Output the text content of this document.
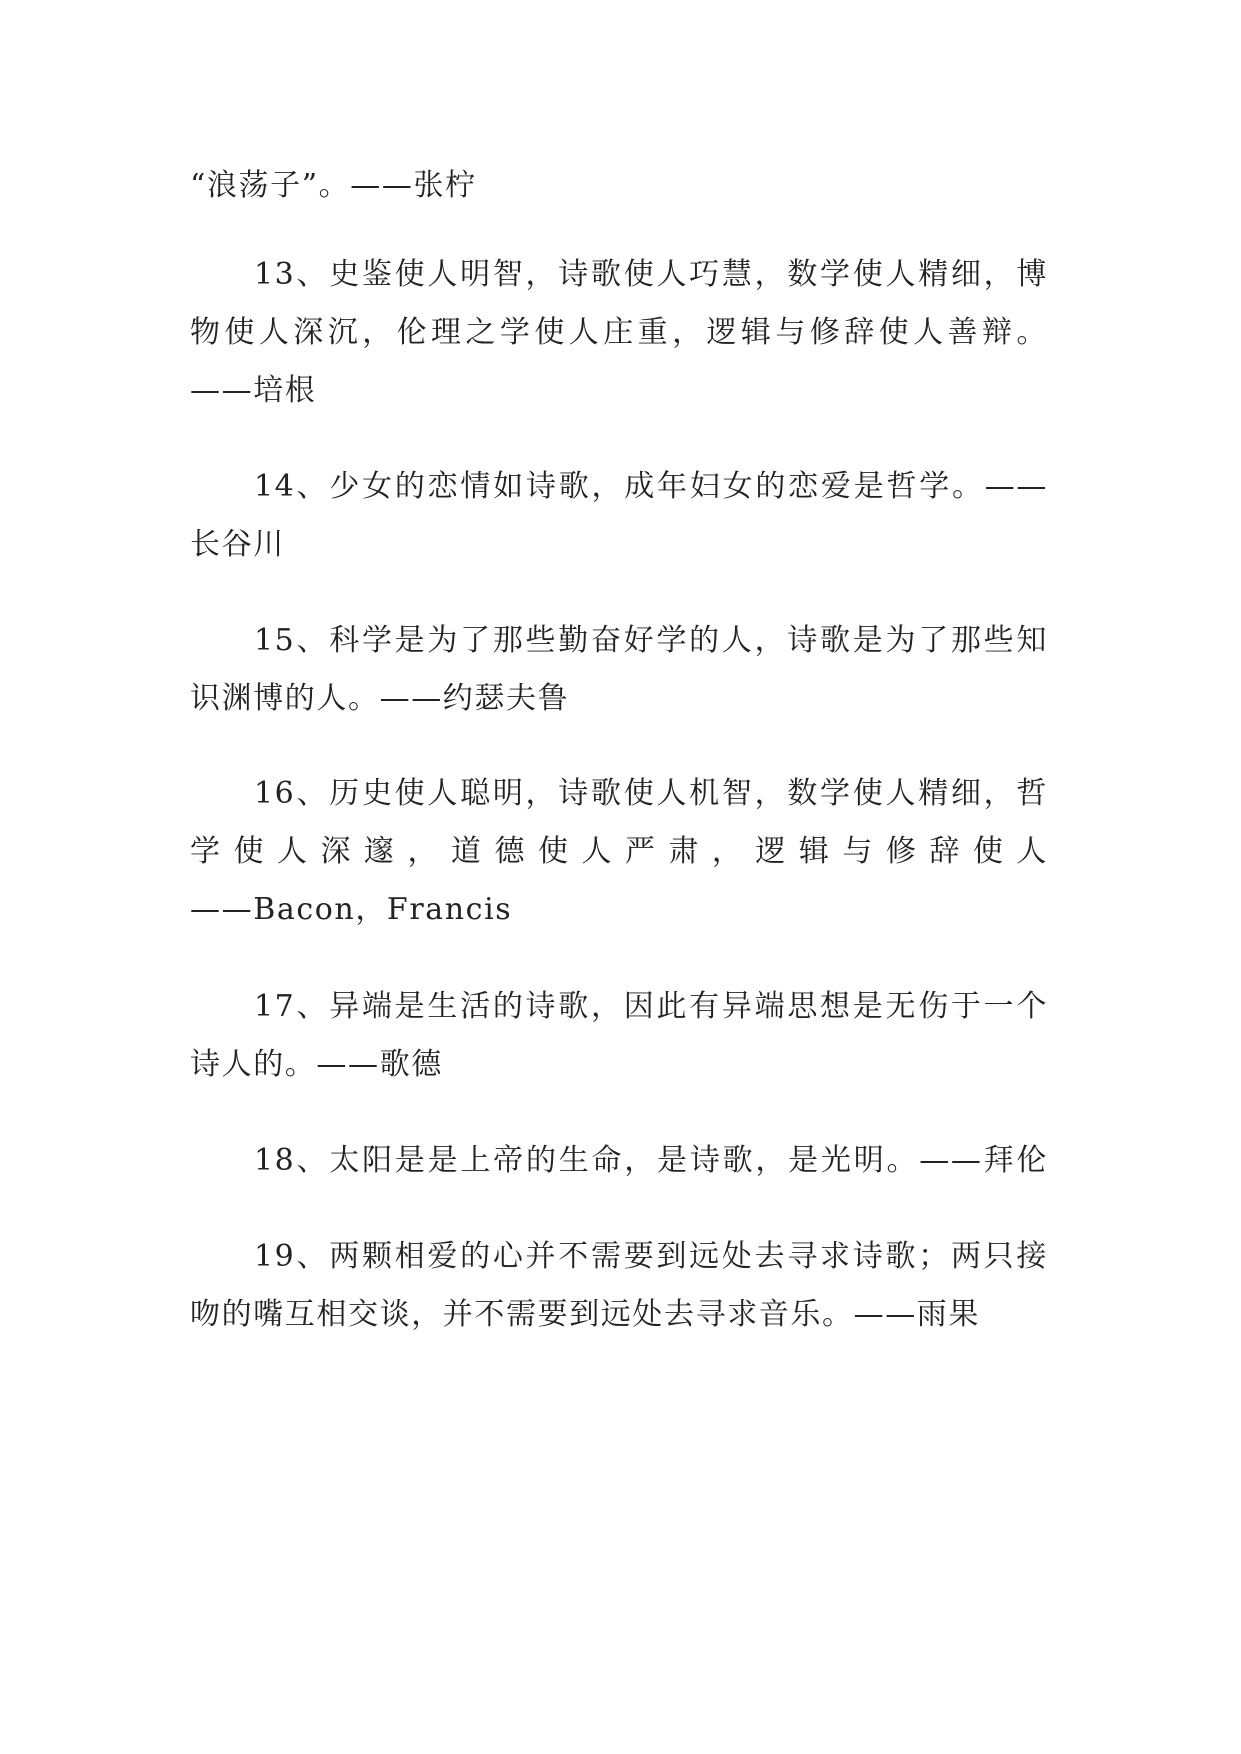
“浪荡子”。——张柠

13、史鉴使人明智，诗歌使人巧慧，数学使人精细，博
物使人深沉，伦理之学使人庄重，逻辑与修辞使人善辩。
——培根

14、少女的恋情如诗歌，成年妇女的恋爱是哲学。——
长谷川

15、科学是为了那些勤奋好学的人，诗歌是为了那些知
识渊博的人。——约瑟夫鲁

16、历史使人聪明，诗歌使人机智，数学使人精细，哲
学 使 人 深 邃 ， 道 德 使 人 严 肃 ， 逻 辑 与 修 辞 使 人
——Bacon，Francis

17、异端是生活的诗歌，因此有异端思想是无伤于一个
诗人的。——歌德

18、太阳是是上帝的生命，是诗歌，是光明。——拜伦

19、两颗相爱的心并不需要到远处去寻求诗歌；两只接
吻的嘴互相交谈，并不需要到远处去寻求音乐。——雨果
